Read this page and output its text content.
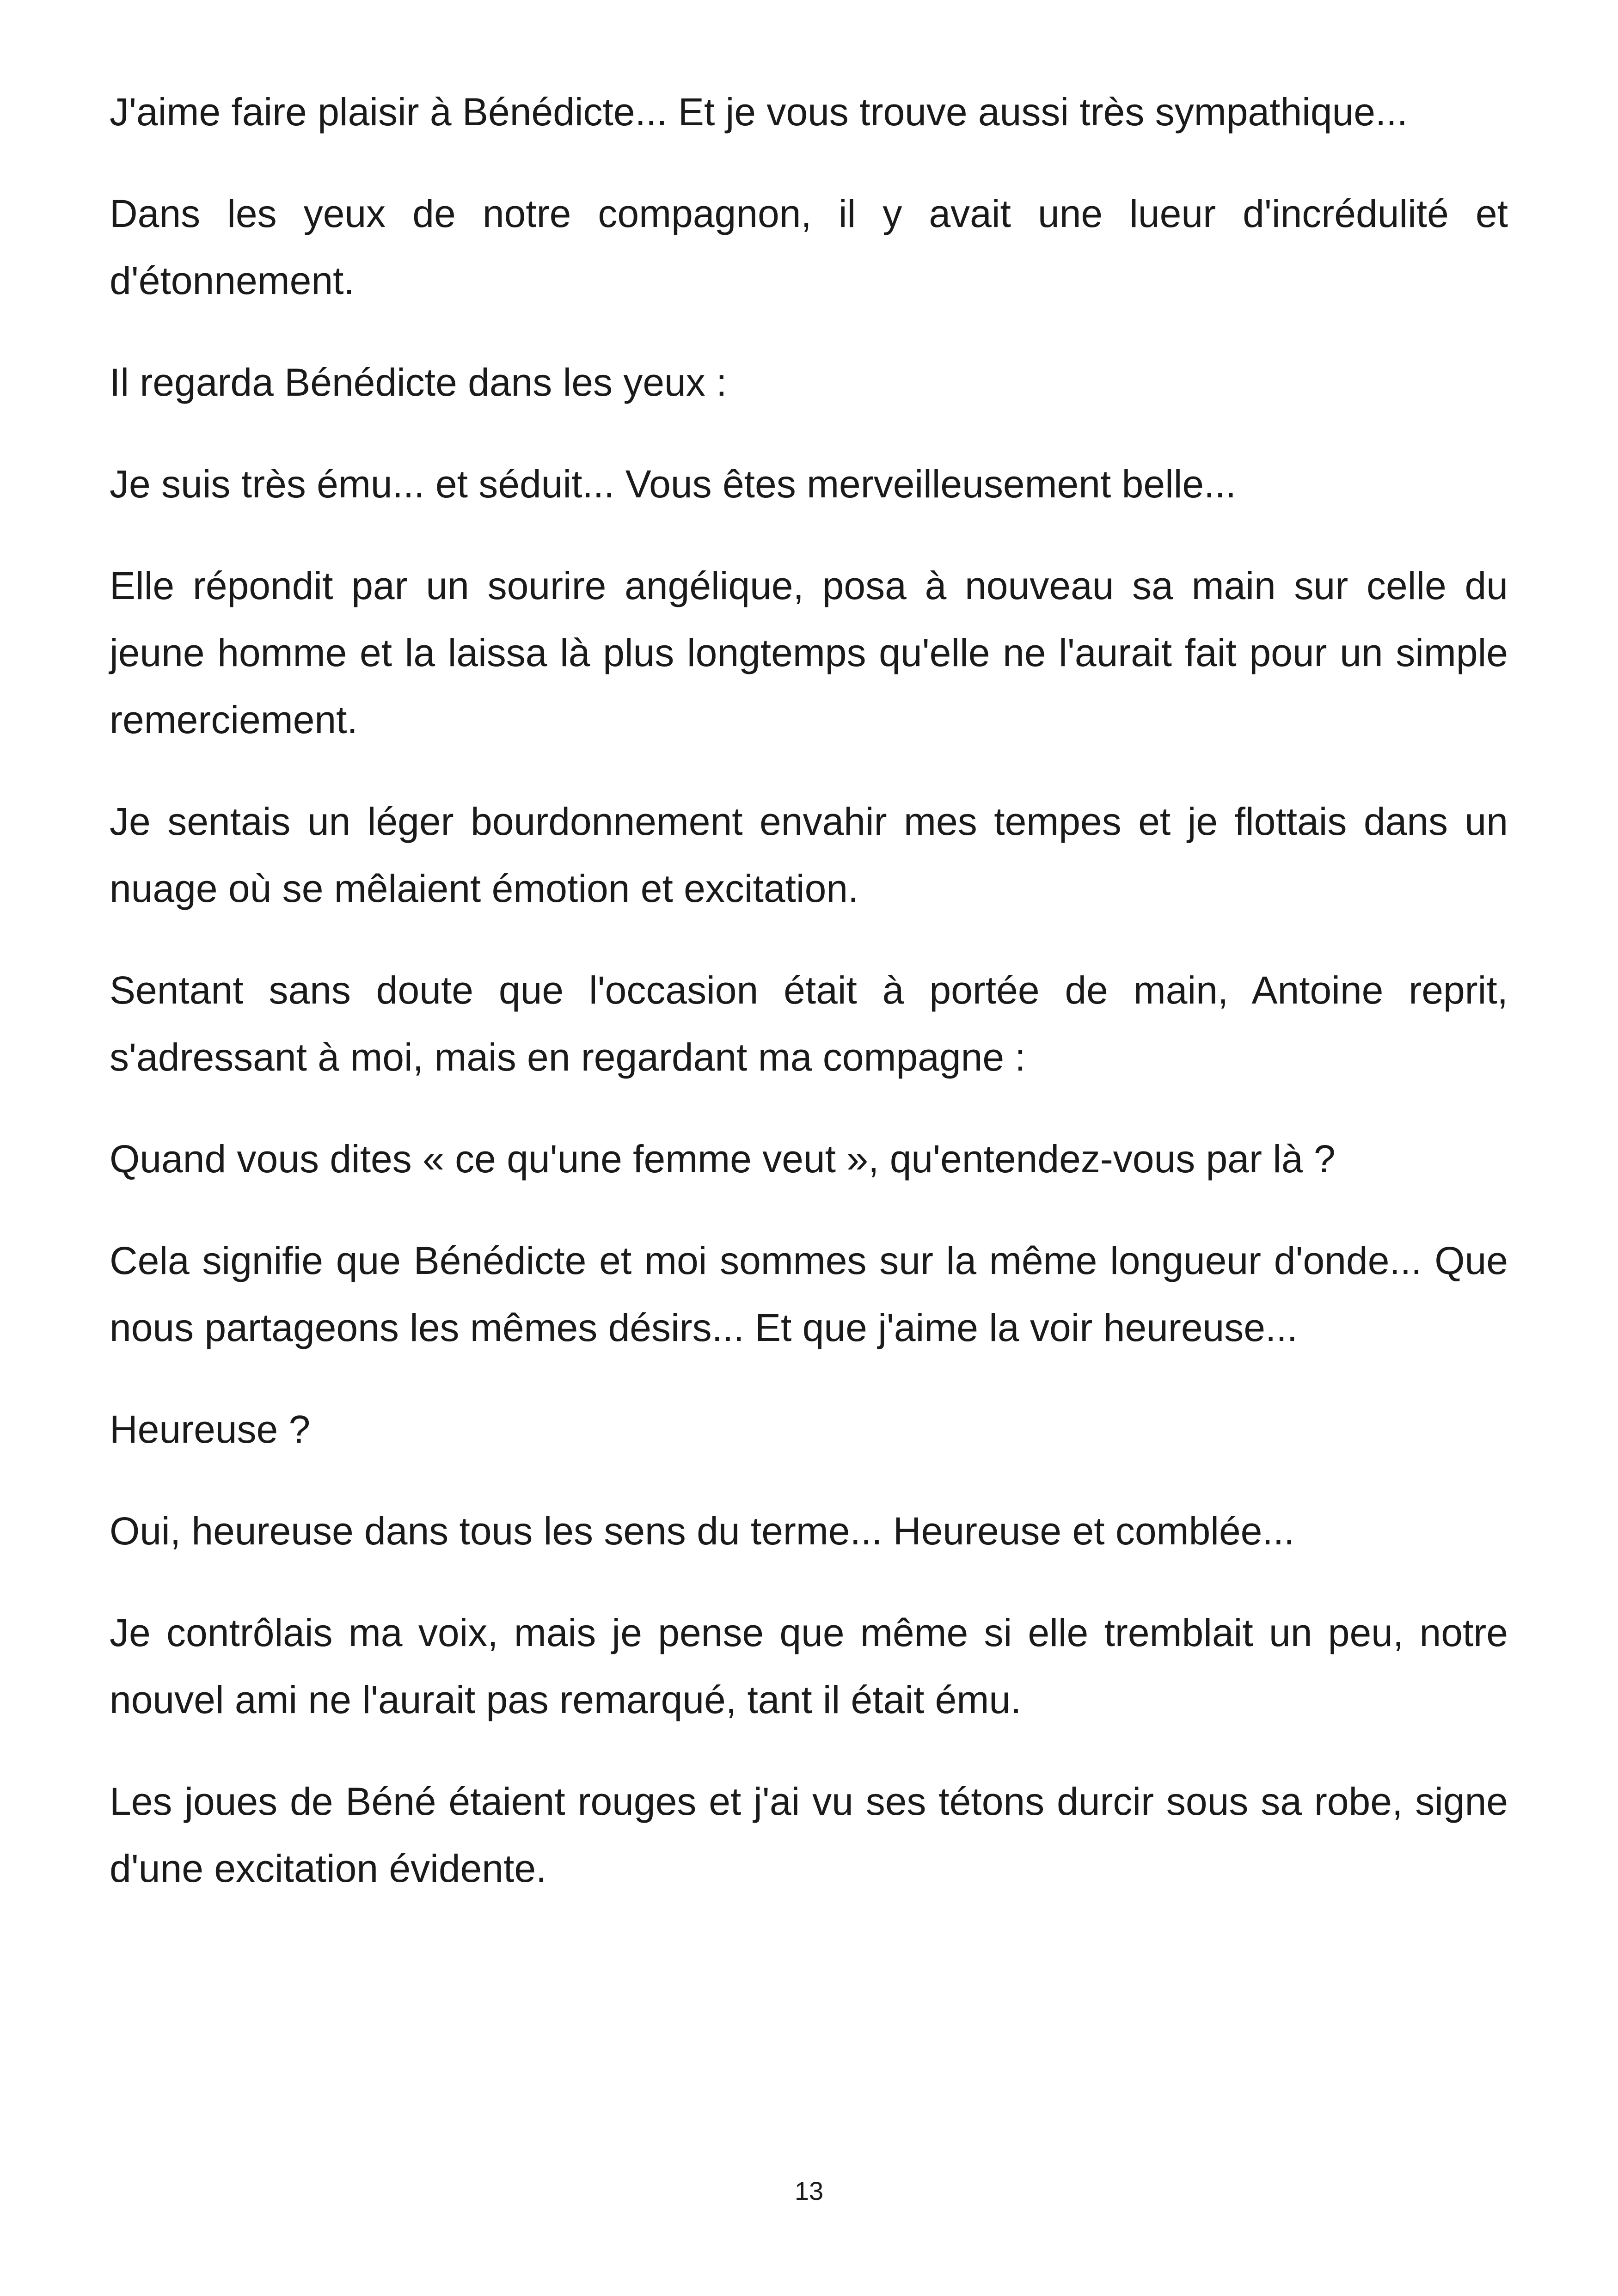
J'aime faire plaisir à Bénédicte... Et je vous trouve aussi très sympathique...

Dans les yeux de notre compagnon, il y avait une lueur d'incrédulité et d'étonnement.

Il regarda Bénédicte dans les yeux :

Je suis très ému... et séduit... Vous êtes merveilleusement belle...

Elle répondit par un sourire angélique, posa à nouveau sa main sur celle du jeune homme et la laissa là plus longtemps qu'elle ne l'aurait fait pour un simple remerciement.

Je sentais un léger bourdonnement envahir mes tempes et je flottais dans un nuage où se mêlaient émotion et excitation.

Sentant sans doute que l'occasion était à portée de main, Antoine reprit, s'adressant à moi, mais en regardant ma compagne :

Quand vous dites « ce qu'une femme veut », qu'entendez-vous par là ?

Cela signifie que Bénédicte et moi sommes sur la même longueur d'onde... Que nous partageons les mêmes désirs... Et que j'aime la voir heureuse...

Heureuse ?

Oui, heureuse dans tous les sens du terme... Heureuse et comblée...

Je contrôlais ma voix, mais je pense que même si elle tremblait un peu, notre nouvel ami ne l'aurait pas remarqué, tant il était ému.

Les joues de Béné étaient rouges et j'ai vu ses tétons durcir sous sa robe, signe d'une excitation évidente.

13
